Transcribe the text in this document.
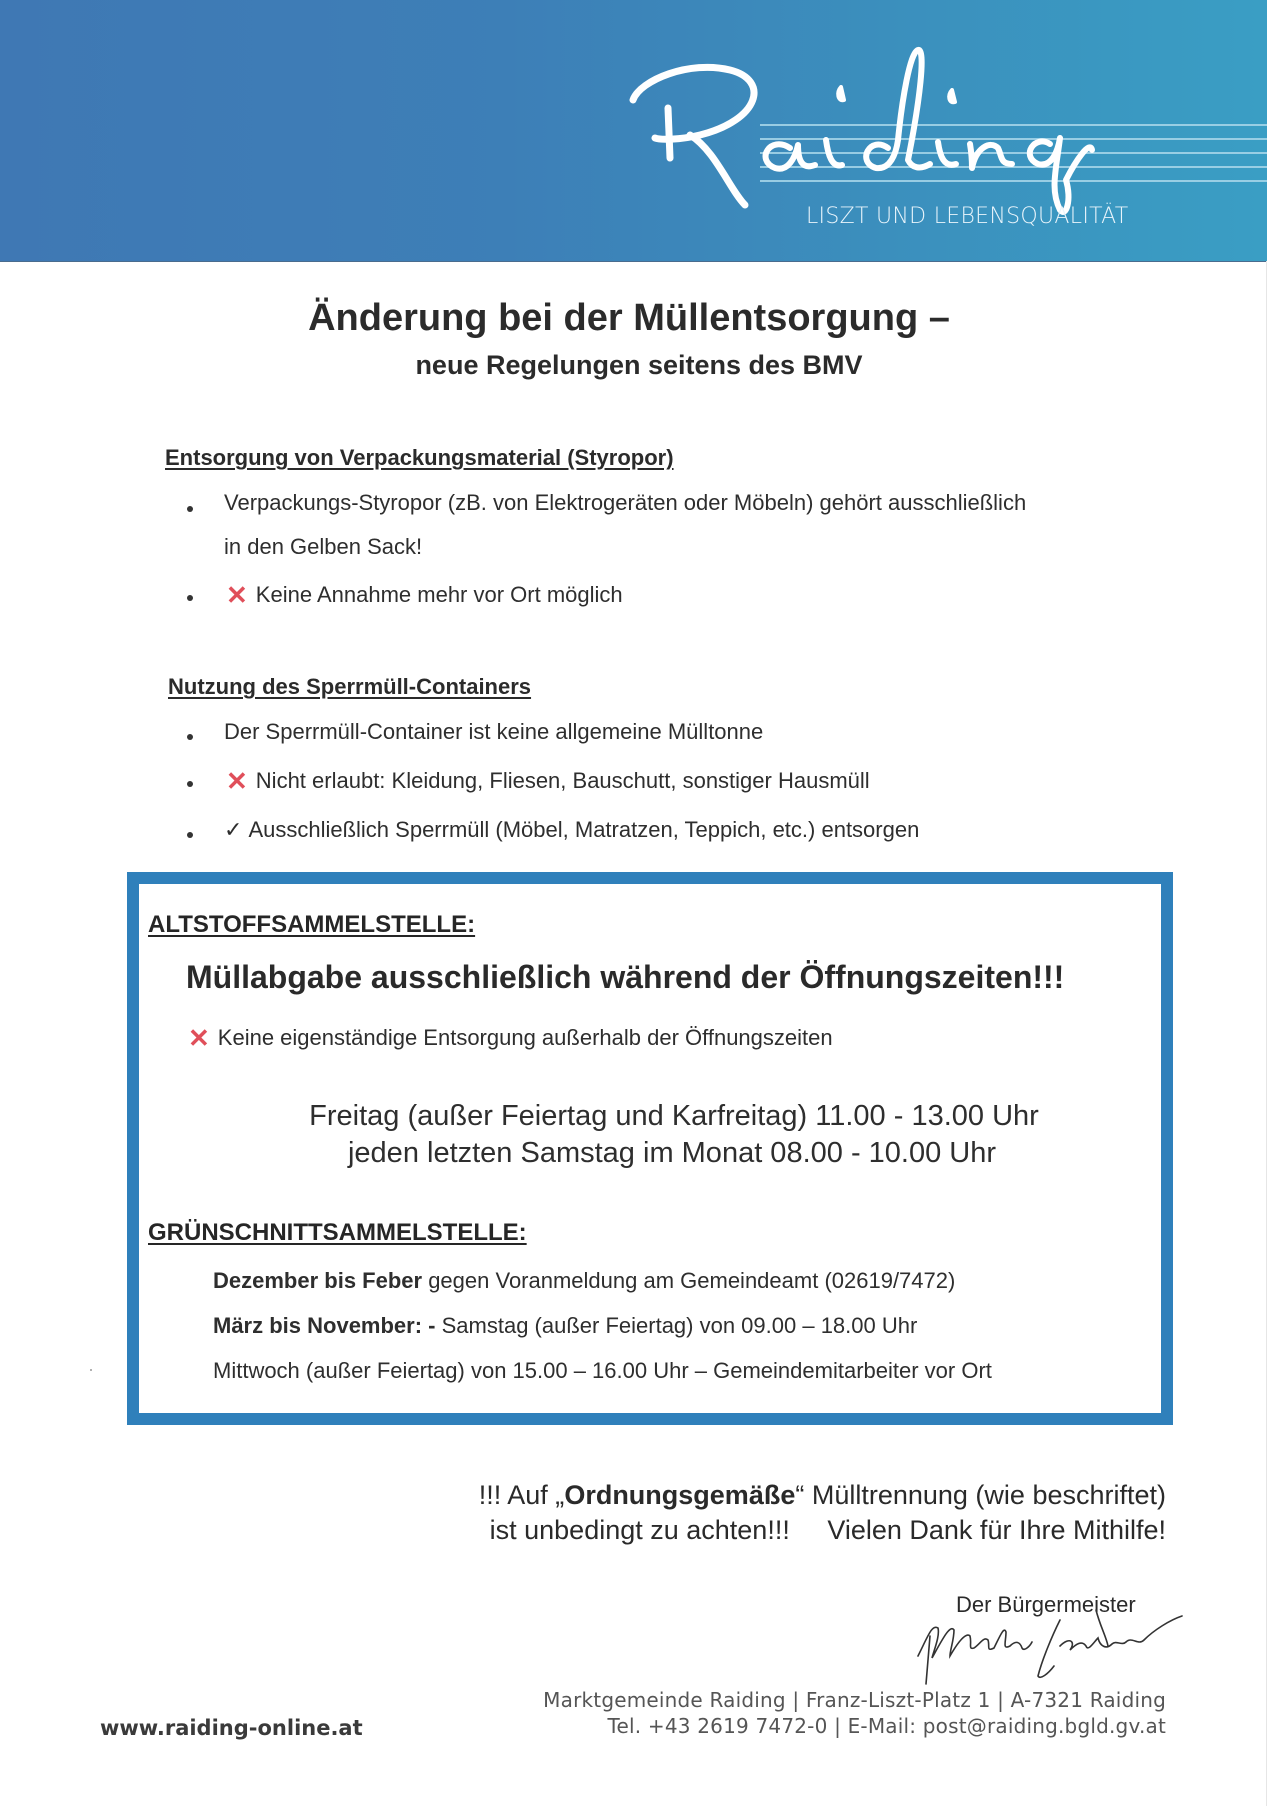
LISZT UND LEBENSQUALITÄT
Änderung bei der Müllentsorgung –
neue Regelungen seitens des BMV
Entsorgung von Verpackungsmaterial (Styropor)
Verpackungs-Styropor (zB. von Elektrogeräten oder Möbeln) gehört ausschließlich
in den Gelben Sack!
✕ Keine Annahme mehr vor Ort möglich
Nutzung des Sperrmüll-Containers
Der Sperrmüll-Container ist keine allgemeine Mülltonne
✕ Nicht erlaubt: Kleidung, Fliesen, Bauschutt, sonstiger Hausmüll
✓ Ausschließlich Sperrmüll (Möbel, Matratzen, Teppich, etc.) entsorgen
ALTSTOFFSAMMELSTELLE:
Müllabgabe ausschließlich während der Öffnungszeiten!!!
✕ Keine eigenständige Entsorgung außerhalb der Öffnungszeiten
Freitag (außer Feiertag und Karfreitag) 11.00 - 13.00 Uhr
jeden letzten Samstag im Monat 08.00 - 10.00 Uhr
GRÜNSCHNITTSAMMELSTELLE:
Dezember bis Feber gegen Voranmeldung am Gemeindeamt (02619/7472)
März bis November: - Samstag (außer Feiertag) von 09.00 – 18.00 Uhr
Mittwoch (außer Feiertag) von 15.00 – 16.00 Uhr – Gemeindemitarbeiter vor Ort
!!! Auf „Ordnungsgemäße“ Mülltrennung (wie beschriftet)
ist unbedingt zu achten!!!     Vielen Dank für Ihre Mithilfe!
Der Bürgermeister
www.raiding-online.at
Marktgemeinde Raiding | Franz-Liszt-Platz 1 | A-7321 Raiding
Tel. +43 2619 7472-0 | E-Mail: post@raiding.bgld.gv.at
